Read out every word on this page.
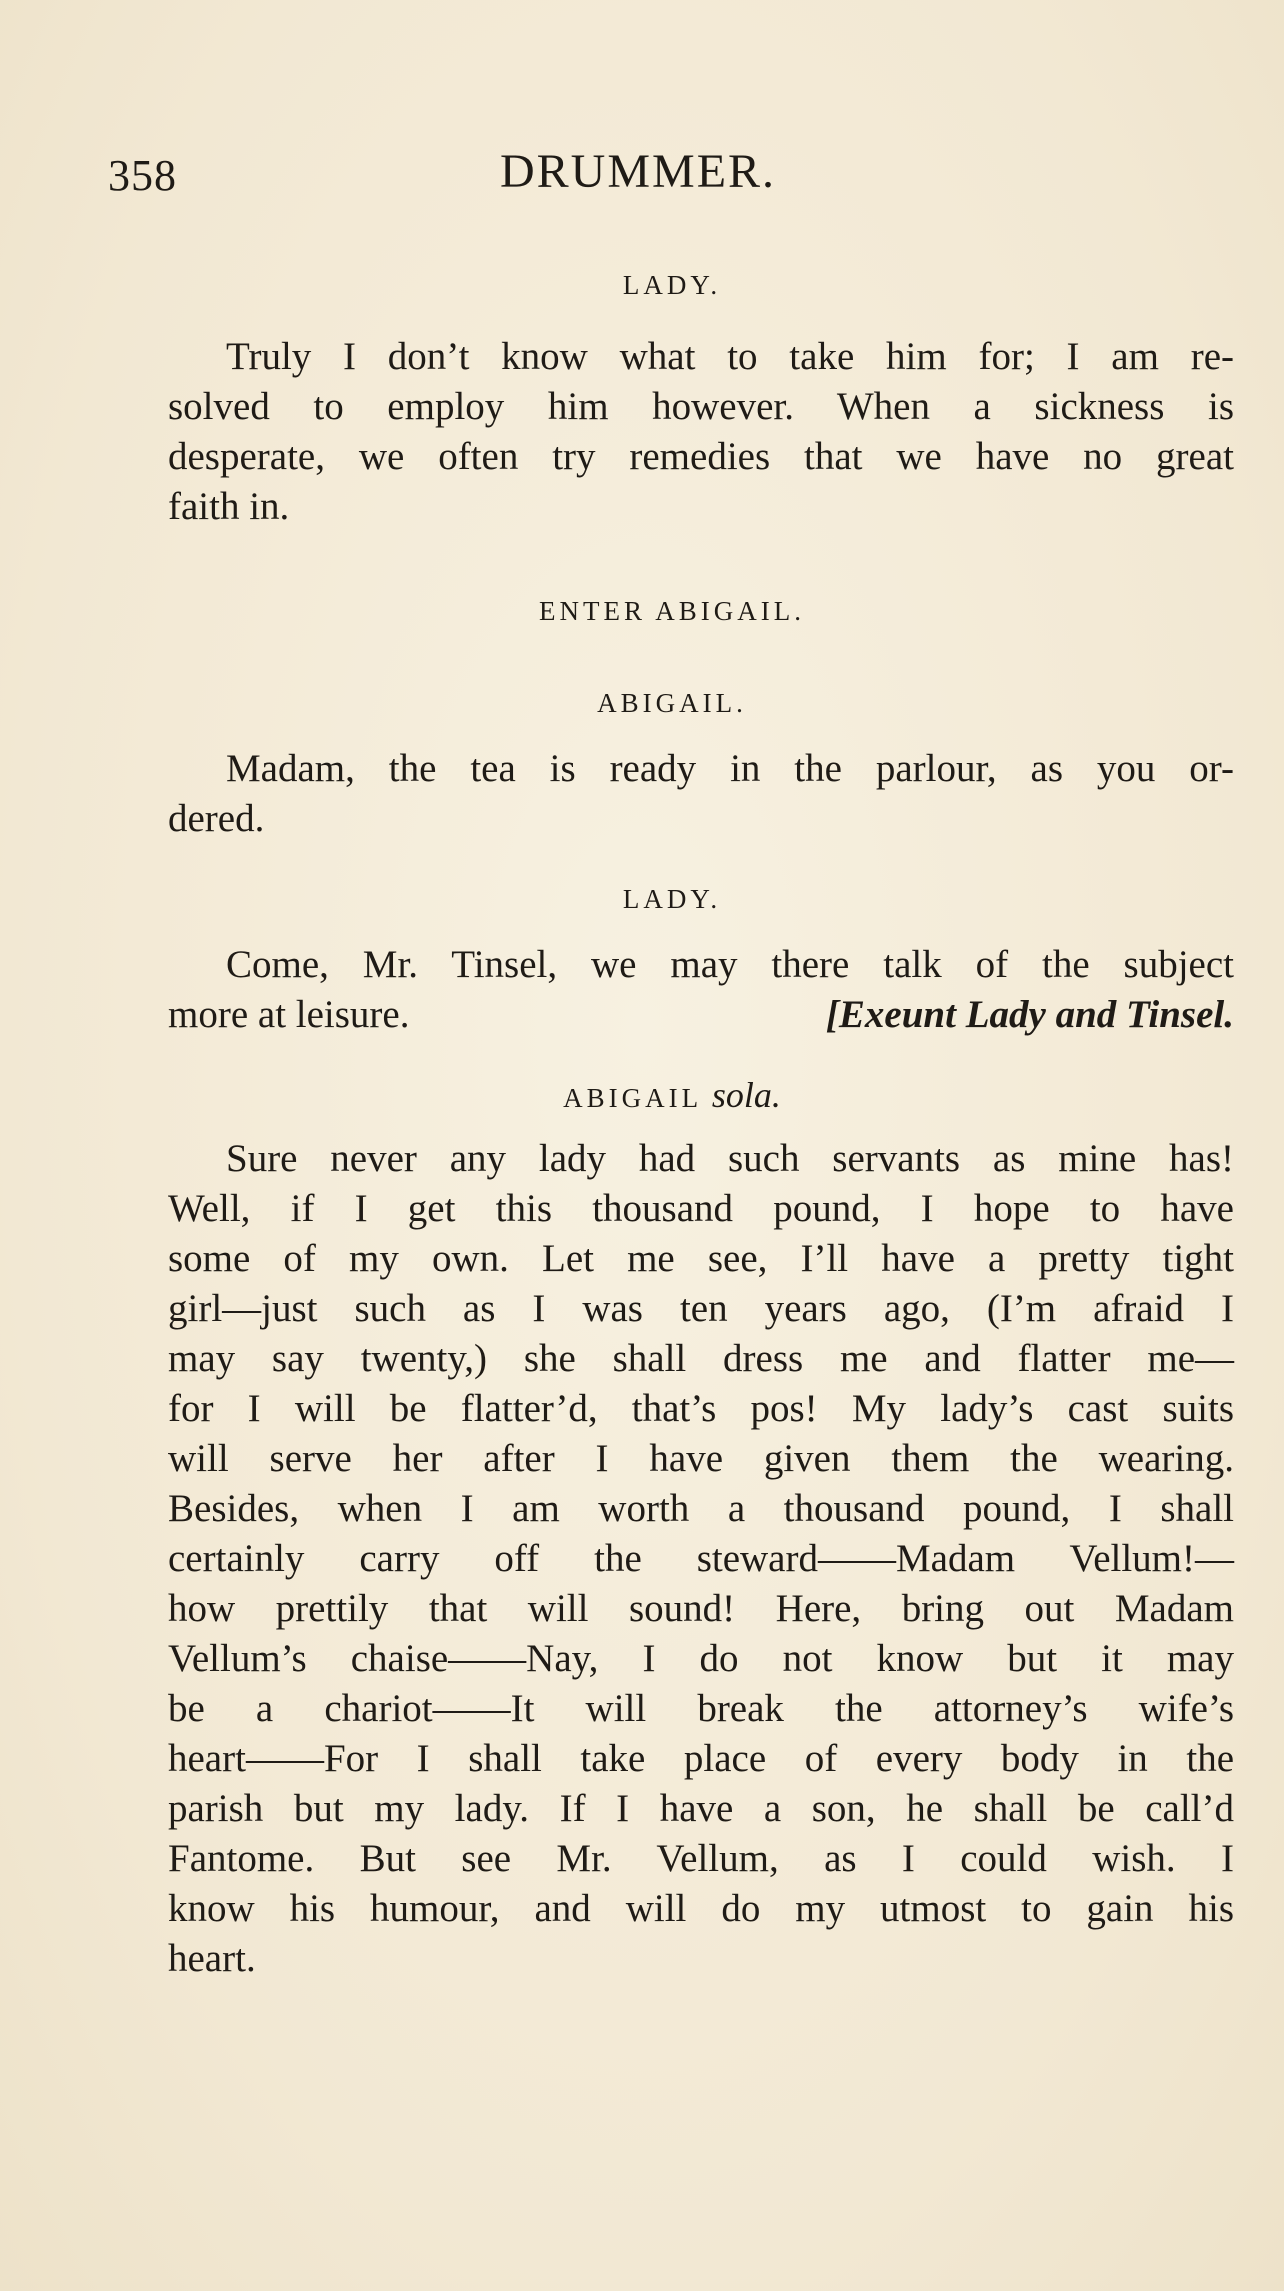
358	DRUMMER.
LADY.
Truly I don’t know what to take him for; I am re-
solved to employ him however. When a sickness is
desperate, we often try remedies that we have no great
faith in.
ENTER ABIGAIL.
ABIGAIL.
Madam, the tea is ready in the parlour, as you or-
dered.
LADY.
Come, Mr. Tinsel, we may there talk of the subject
more at leisure.	[Exeunt Lady and Tinsel.
ABIGAIL sola.
Sure never any lady had such servants as mine has!
Well, if I get this thousand pound, I hope to have
some of my own. Let me see, I’ll have a pretty tight
girl—just such as I was ten years ago, (I’m afraid I
may say twenty,) she shall dress me and flatter me—
for I will be flatter’d, that’s pos! My lady’s cast suits
will serve her after I have given them the wearing.
Besides, when I am worth a thousand pound, I shall
certainly carry off the steward——Madam Vellum!—
how prettily that will sound! Here, bring out Madam
Vellum’s chaise——Nay, I do not know but it may
be a chariot——It will break the attorney’s wife’s
heart——For I shall take place of every body in the
parish but my lady. If I have a son, he shall be call’d
Fantome. But see Mr. Vellum, as I could wish. I
know his humour, and will do my utmost to gain his
heart.
